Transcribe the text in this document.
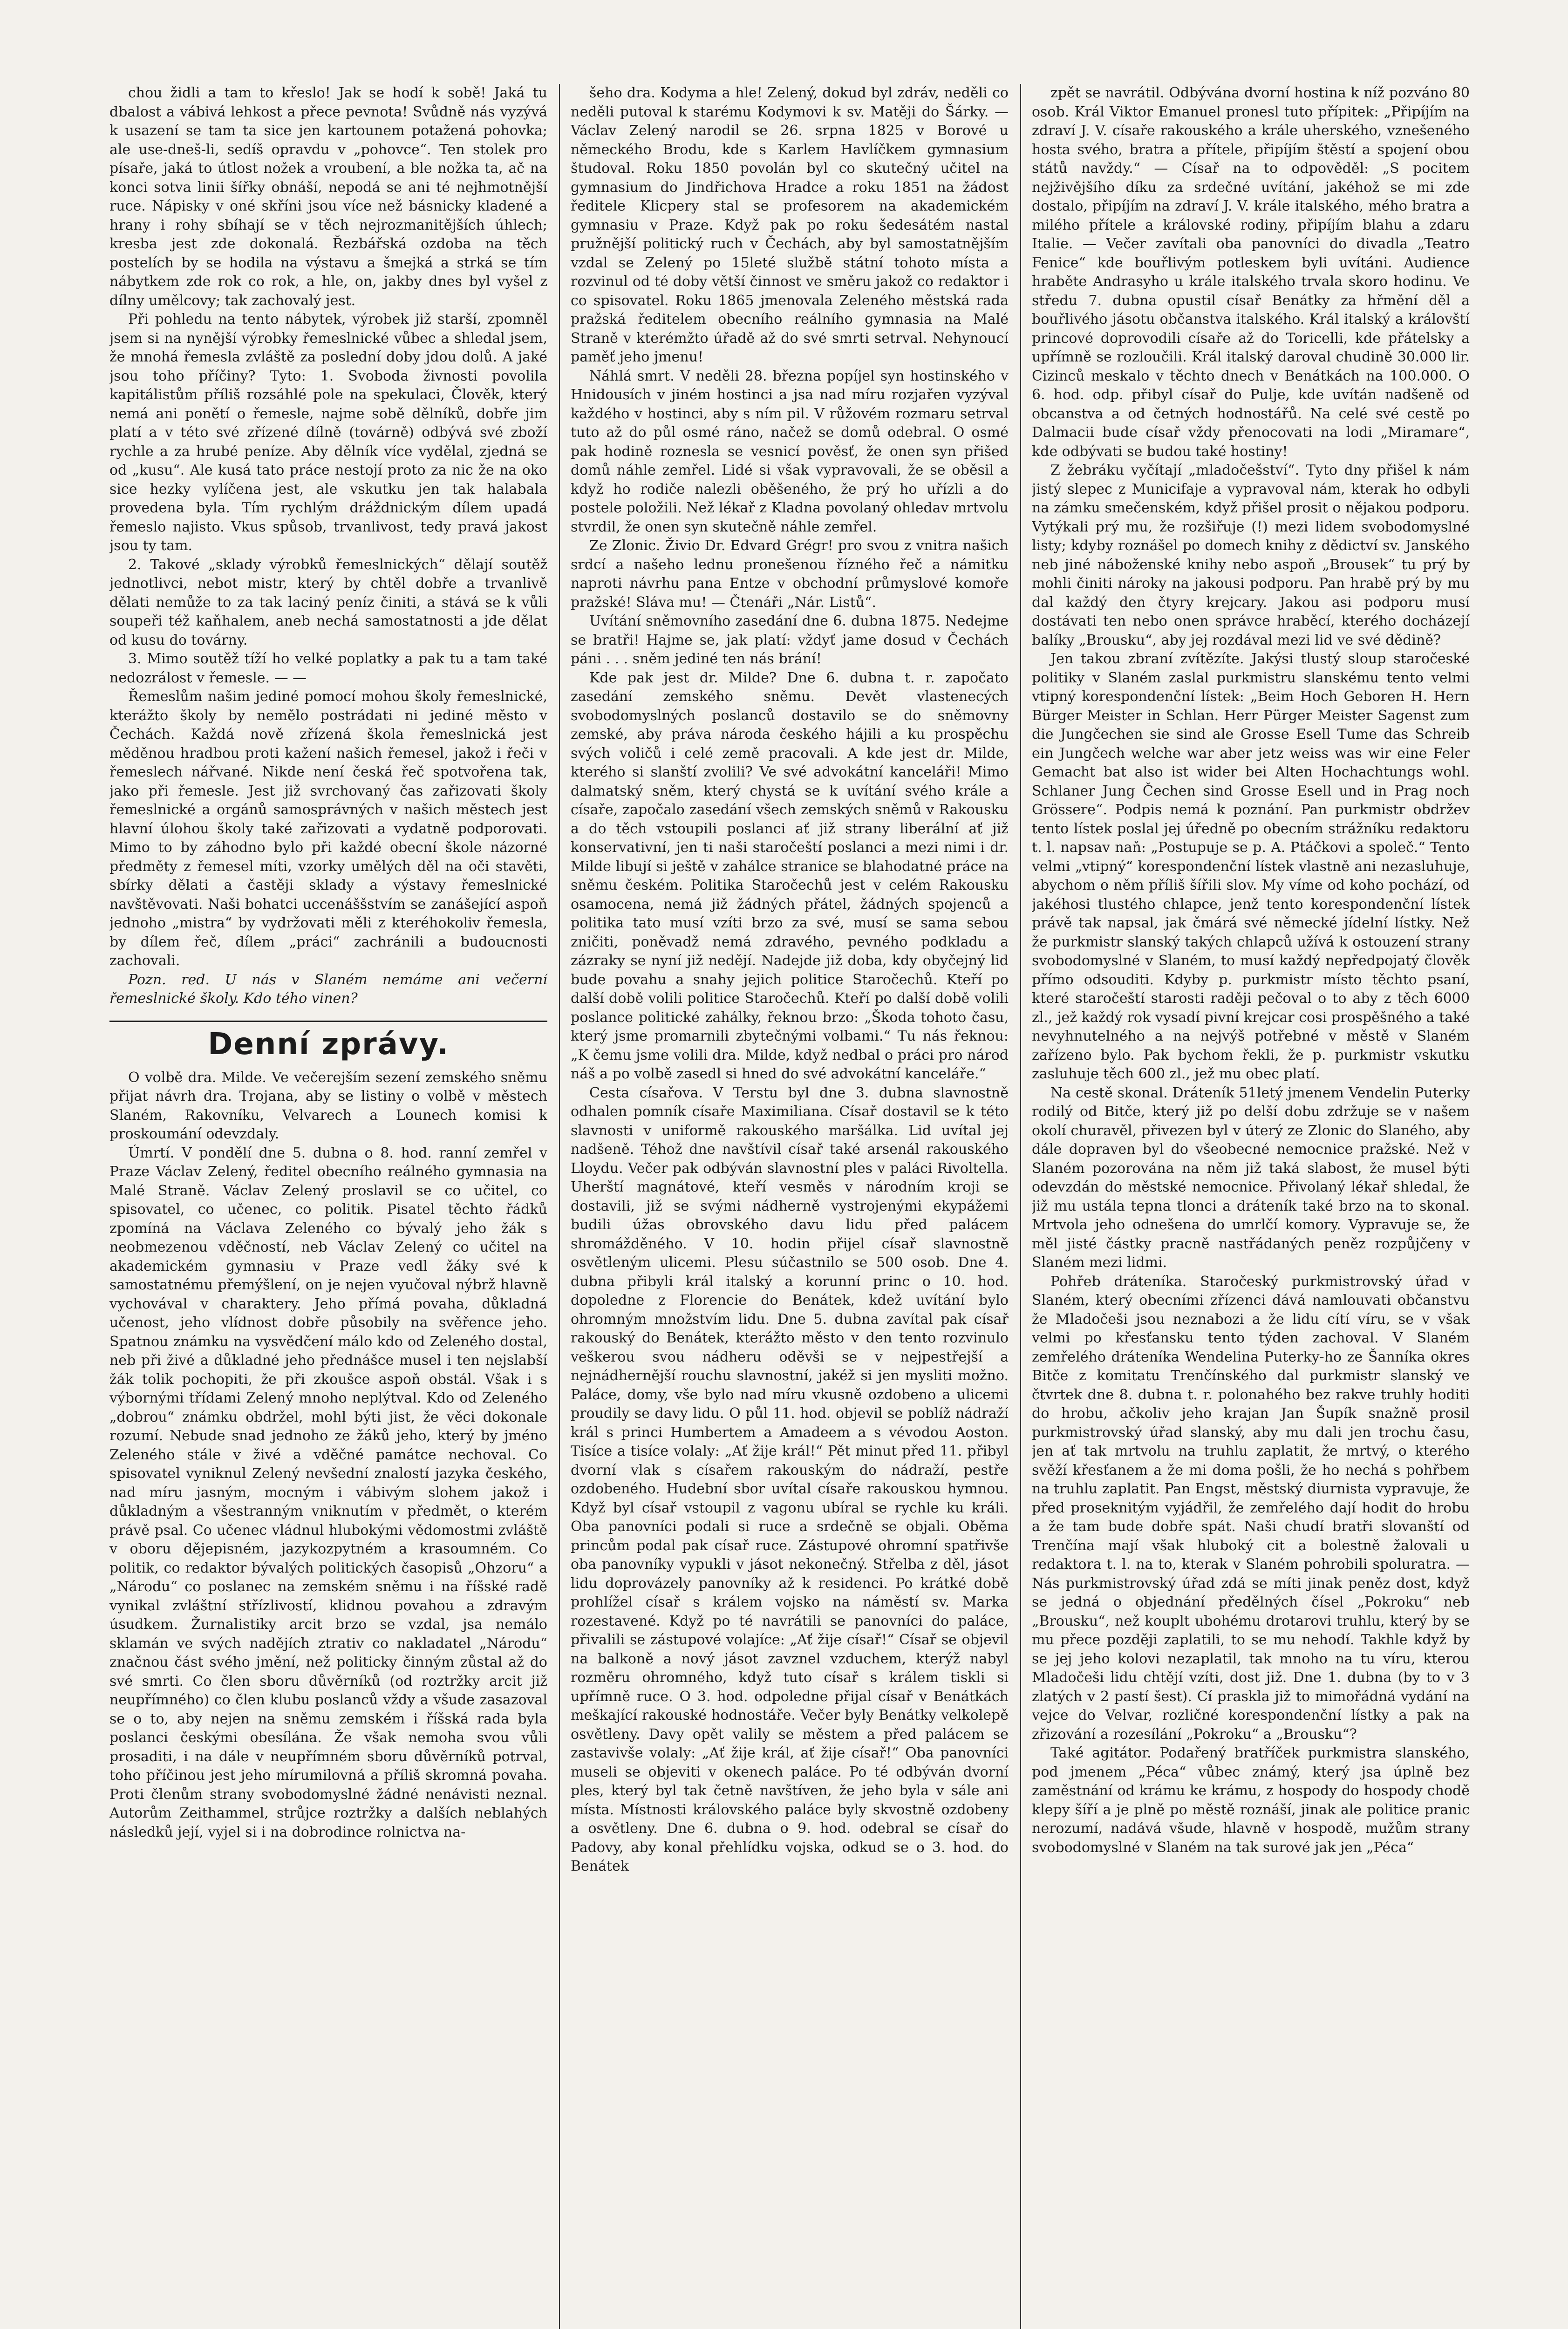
chou židli a tam to křeslo! Jak se hodí k sobě! Jaká tu dbalost a vábivá lehkost a přece pevnota! Svůdně nás vyzývá k usazení se tam ta sice jen kartounem potažená pohovka; ale use-dneš-li, sedíš opravdu v „pohovce“. Ten stolek pro písaře, jaká to útlost nožek a vroubení, a ble nožka ta, ač na konci sotva linii šířky obnáší, nepodá se ani té nejhmotnější ruce. Nápisky v oné skříni jsou více než básnicky kladené a hrany i rohy sbíhají se v těch nejrozmanitějších úhlech; kresba jest zde dokonalá. Řezbářská ozdoba na těch postelích by se hodila na výstavu a šmejká a strká se tím nábytkem zde rok co rok, a hle, on, jakby dnes byl vyšel z dílny umělcovy; tak zachovalý jest.

Při pohledu na tento nábytek, výrobek již starší, zpomněl jsem si na nynější výrobky řemeslnické vůbec a shledal jsem, že mnohá řemesla zvláště za poslední doby jdou dolů. A jaké jsou toho příčiny? Tyto: 1. Svoboda živnosti povolila kapitálistům příliš rozsáhlé pole na spekulaci, Člověk, který nemá ani ponětí o řemesle, najme sobě dělníků, dobře jim platí a v této své zřízené dílně (továrně) odbývá své zboží rychle a za hrubé peníze. Aby dělník více vydělal, zjedná se od „kusu“. Ale kusá tato práce nestojí proto za nic že na oko sice hezky vylíčena jest, ale vskutku jen tak halabala provedena byla. Tím rychlým dráždnickým dílem upadá řemeslo najisto. Vkus spůsob, trvanlivost, tedy pravá jakost jsou ty tam.

2. Takové „sklady výrobků řemeslnických“ dělají soutěž jednotlivci, nebot mistr, který by chtěl dobře a trvanlivě dělati nemůže to za tak laciný peníz činiti, a stává se k vůli soupeři též kaňhalem, aneb nechá samostatnosti a jde dělat od kusu do továrny.

3. Mimo soutěž tíží ho velké poplatky a pak tu a tam také nedozrálost v řemesle. — —

Řemeslům našim jediné pomocí mohou školy řemeslnické, kterážto školy by nemělo postrádati ni jediné město v Čechách. Každá nově zřízená škola řemeslnická jest měděnou hradbou proti kažení našich řemesel, jakož i řeči v řemeslech nářvané. Nikde není česká řeč spotvořena tak, jako při řemesle. Jest již svrchovaný čas zařizovati školy řemeslnické a orgánů samosprávných v našich městech jest hlavní úlohou školy také zařizovati a vydatně podporovati. Mimo to by záhodno bylo při každé obecní škole názorné předměty z řemesel míti, vzorky umělých děl na oči stavěti, sbírky dělati a častěji sklady a výstavy řemeslnické navštěvovati. Naši bohatci uccenáššstvím se zanášející aspoň jednoho „mistra“ by vydržovati měli z kteréhokoliv řemesla, by dílem řeč, dílem „práci“ zachránili a budoucnosti zachovali.

Pozn. red. U nás v Slaném nemáme ani večerní řemeslnické školy. Kdo tého vinen?

Denní zprávy.

O volbě dra. Milde. Ve večerejším sezení zemského sněmu přijat návrh dra. Trojana, aby se listiny o volbě v městech Slaném, Rakovníku, Velvarech a Lounech komisi k proskoumání odevzdaly.

Úmrtí. V pondělí dne 5. dubna o 8. hod. ranní zemřel v Praze Václav Zelený, ředitel obecního reálného gymnasia na Malé Straně. Václav Zelený proslavil se co učitel, co spisovatel, co učenec, co politik. Pisatel těchto řádků zpomíná na Václava Zeleného co bývalý jeho žák s neobmezenou vděčností, neb Václav Zelený co učitel na akademickém gymnasiu v Praze vedl žáky své k samostatnému přemýšlení, on je nejen vyučoval nýbrž hlavně vychovával v charaktery. Jeho přímá povaha, důkladná učenost, jeho vlídnost dobře působily na svěřence jeho. Spatnou známku na vysvědčení málo kdo od Zeleného dostal, neb při živé a důkladné jeho přednášce musel i ten nejslabší žák tolik pochopiti, že při zkoušce aspoň obstál. Však i s výbornými třídami Zelený mnoho neplýtval. Kdo od Zeleného „dobrou“ známku obdržel, mohl býti jist, že věci dokonale rozumí. Nebude snad jednoho ze žáků jeho, který by jméno Zeleného stále v živé a vděčné památce nechoval. Co spisovatel vyniknul Zelený nevšední znalostí jazyka českého, nad míru jasným, mocným i vábivým slohem jakož i důkladným a všestranným vniknutím v předmět, o kterém právě psal. Co učenec vládnul hlubokými vědomostmi zvláště v oboru dějepisném, jazykozpytném a krasoumném. Co politik, co redaktor bývalých politických časopisů „Ohzoru“ a „Národu“ co poslanec na zemském sněmu i na říšské radě vynikal zvláštní střízlivostí, klidnou povahou a zdravým úsudkem. Žurnalistiky arcit brzo se vzdal, jsa nemálo sklamán ve svých nadějích ztrativ co nakladatel „Národu“ značnou část svého jmění, než politicky činným zůstal až do své smrti. Co člen sboru důvěrníků (od roztržky arcit již neupřímného) co člen klubu poslanců vždy a všude zasazoval se o to, aby nejen na sněmu zemském i říšská rada byla poslanci českými obesílána. Že však nemoha svou vůli prosaditi, i na dále v neupřímném sboru důvěrníků potrval, toho příčinou jest jeho mírumilovná a příliš skromná povaha. Proti členům strany svobodomyslné žádné nenávisti neznal. Autorům Zeithammel, strůjce roztržky a dalších neblahých následků její, vyjel si i na dobrodince rolnictva na-

šeho dra. Kodyma a hle! Zelený, dokud byl zdráv, neděli co neděli putoval k starému Kodymovi k sv. Matěji do Šárky. — Václav Zelený narodil se 26. srpna 1825 v Borové u německého Brodu, kde s Karlem Havlíčkem gymnasium študoval. Roku 1850 povolán byl co skutečný učitel na gymnasium do Jindřichova Hradce a roku 1851 na žádost ředitele Klicpery stal se profesorem na akademickém gymnasiu v Praze. Když pak po roku šedesátém nastal pružnější politický ruch v Čechách, aby byl samostatnějším vzdal se Zelený po 15leté službě státní tohoto místa a rozvinul od té doby větší činnost ve směru jakož co redaktor i co spisovatel. Roku 1865 jmenovala Zeleného městská rada pražská ředitelem obecního reálního gymnasia na Malé Straně v kterémžto úřadě až do své smrti setrval. Nehynoucí paměť jeho jmenu!

Náhlá smrt. V neděli 28. března popíjel syn hostinského v Hnidousích v jiném hostinci a jsa nad míru rozjařen vyzýval každého v hostinci, aby s ním pil. V růžovém rozmaru setrval tuto až do půl osmé ráno, načež se domů odebral. O osmé pak hodině roznesla se vesnicí pověsť, že onen syn přišed domů náhle zemřel. Lidé si však vypravovali, že se oběsil a když ho rodiče nalezli oběšeného, že prý ho uřízli a do postele položili. Než lékař z Kladna povolaný ohledav mrtvolu stvrdil, že onen syn skutečně náhle zemřel.

Ze Zlonic. Živio Dr. Edvard Grégr! pro svou z vnitra našich srdcí a našeho lednu pronešenou řízného řeč a námitku naproti návrhu pana Entze v obchodní průmyslové komoře pražské! Sláva mu! — Čtenáři „Nár. Listů“.

Uvítání sněmovního zasedání dne 6. dubna 1875. Nedejme se bratři! Hajme se, jak platí: vždyť jame dosud v Čechách páni . . . sněm jediné ten nás brání!

Kde pak jest dr. Milde? Dne 6. dubna t. r. započato zasedání zemského sněmu. Devět vlastenecých svobodomyslných poslanců dostavilo se do sněmovny zemské, aby práva národa českého hájili a ku prospěchu svých voličů i celé země pracovali. A kde jest dr. Milde, kterého si slanští zvolili? Ve své advokátní kanceláři! Mimo dalmatský sněm, který chystá se k uvítání svého krále a císaře, započalo zasedání všech zemských sněmů v Rakousku a do těch vstoupili poslanci ať již strany liberální ať již konservativní, jen ti naši staročeští poslanci a mezi nimi i dr. Milde libují si ještě v zahálce stranice se blahodatné práce na sněmu českém. Politika Staročechů jest v celém Rakousku osamocena, nemá již žádných přátel, žádných spojenců a politika tato musí vzíti brzo za své, musí se sama sebou zničiti, poněvadž nemá zdravého, pevného podkladu a zázraky se nyní již nedějí. Nadejde již doba, kdy obyčejný lid bude povahu a snahy jejich politice Staročechů. Kteří po další době volili politice Staročechů. Kteří po další době volili poslance politické zahálky, řeknou brzo: „Škoda tohoto času, který jsme promarnili zbytečnými volbami.“ Tu nás řeknou: „K čemu jsme volili dra. Milde, když nedbal o práci pro národ náš a po volbě zasedl si hned do své advokátní kanceláře.“

Cesta císařova. V Terstu byl dne 3. dubna slavnostně odhalen pomník císaře Maximiliana. Císař dostavil se k této slavnosti v uniformě rakouského maršálka. Lid uvítal jej nadšeně. Téhož dne navštívil císař také arsenál rakouského Lloydu. Večer pak odbýván slavnostní ples v paláci Rivoltella. Uherští magnátové, kteří vesměs v národním kroji se dostavili, již se svými nádherně vystrojenými ekypážemi budili úžas obrovského davu lidu před palácem shromážděného. V 10. hodin přijel císař slavnostně osvětleným ulicemi. Plesu súčastnilo se 500 osob. Dne 4. dubna přibyli král italský a korunní princ o 10. hod. dopoledne z Florencie do Benátek, kdež uvítání bylo ohromným množstvím lidu. Dne 5. dubna zavítal pak císař rakouský do Benátek, kterážto město v den tento rozvinulo veškerou svou nádheru oděvši se v nejpestřejší a nejnádhernější rouchu slavnostní, jakéž si jen mysliti možno. Paláce, domy, vše bylo nad míru vkusně ozdobeno a ulicemi proudily se davy lidu. O půl 11. hod. objevil se poblíž nádraží král s princi Humbertem a Amadeem a s vévodou Aoston. Tisíce a tisíce volaly: „Ať žije král!“ Pět minut před 11. přibyl dvorní vlak s císařem rakouským do nádraží, pestře ozdobeného. Hudební sbor uvítal císaře rakouskou hymnou. Když byl císař vstoupil z vagonu ubíral se rychle ku králi. Oba panovníci podali si ruce a srdečně se objali. Oběma princům podal pak císař ruce. Zástupové ohromní spatřivše oba panovníky vypukli v jásot nekonečný. Střelba z děl, jásot lidu doprovázely panovníky až k residenci. Po krátké době prohlížel císař s králem vojsko na náměstí sv. Marka rozestavené. Když po té navrátili se panovníci do paláce, přivalili se zástupové volajíce: „Ať žije císař!“ Císař se objevil na balkoně a nový jásot zavznel vzduchem, kterýž nabyl rozměru ohromného, když tuto císař s králem tiskli si upřímně ruce. O 3. hod. odpoledne přijal císař v Benátkách meškající rakouské hodnostáře. Večer byly Benátky velkolepě osvětleny. Davy opět valily se městem a před palácem se zastavivše volaly: „Ať žije král, ať žije císař!“ Oba panovníci museli se objeviti v okenech paláce. Po té odbýván dvorní ples, který byl tak četně navštíven, že jeho byla v sále ani místa. Místnosti královského paláce byly skvostně ozdobeny a osvětleny. Dne 6. dubna o 9. hod. odebral se císař do Padovy, aby konal přehlídku vojska, odkud se o 3. hod. do Benátek

zpět se navrátil. Odbývána dvorní hostina k níž pozváno 80 osob. Král Viktor Emanuel pronesl tuto přípitek: „Připíjím na zdraví J. V. císaře rakouského a krále uherského, vznešeného hosta svého, bratra a přítele, připíjím štěstí a spojení obou států navždy.“ — Císař na to odpověděl: „S pocitem nejživějšího díku za srdečné uvítání, jakéhož se mi zde dostalo, připíjím na zdraví J. V. krále italského, mého bratra a milého přítele a královské rodiny, připíjím blahu a zdaru Italie. — Večer zavítali oba panovníci do divadla „Teatro Fenice“ kde bouřlivým potleskem byli uvítáni. Audience hraběte Andrasyho u krále italského trvala skoro hodinu. Ve středu 7. dubna opustil císař Benátky za hřmění děl a bouřlivého jásotu občanstva italského. Král italský a královští princové doprovodili císaře až do Toricelli, kde přátelsky a upřímně se rozloučili. Král italský daroval chudině 30.000 lir. Cizinců meskalo v těchto dnech v Benátkách na 100.000. O 6. hod. odp. přibyl císař do Pulje, kde uvítán nadšeně od obcanstva a od četných hodnostářů. Na celé své cestě po Dalmacii bude císař vždy přenocovati na lodi „Miramare“, kde odbývati se budou také hostiny!

Z žebráku vyčítají „mladočešství“. Tyto dny přišel k nám jistý slepec z Municifaje a vypravoval nám, kterak ho odbyli na zámku smečenském, když přišel prosit o nějakou podporu. Vytýkali prý mu, že rozšiřuje (!) mezi lidem svobodomyslné listy; kdyby roznášel po domech knihy z dědictví sv. Janského neb jiné náboženské knihy nebo aspoň „Brousek“ tu prý by mohli činiti nároky na jakousi podporu. Pan hrabě prý by mu dal každý den čtyry krejcary. Jakou asi podporu musí dostávati ten nebo onen správce hraběcí, kterého docházejí balíky „Brousku“, aby jej rozdával mezi lid ve své dědině?

Jen takou zbraní zvítězíte. Jakýsi tlustý sloup staročeské politiky v Slaném zaslal purkmistru slanskému tento velmi vtipný korespondenční lístek: „Beim Hoch Geboren H. Hern Bürger Meister in Schlan. Herr Pürger Meister Sagenst zum die Jungčechen sie sind ale Grosse Esell Tume das Schreib ein Jungčech welche war aber jetz weiss was wir eine Feler Gemacht bat also ist wider bei Alten Hochachtungs wohl. Schlaner Jung Čechen sind Grosse Esell und in Prag noch Grössere“. Podpis nemá k poznání. Pan purkmistr obdržev tento lístek poslal jej úředně po obecním strážníku redaktoru t. l. napsav naň: „Postupuje se p. A. Ptáčkovi a společ.“ Tento velmi „vtipný“ korespondenční lístek vlastně ani nezasluhuje, abychom o něm příliš šířili slov. My víme od koho pochází, od jakéhosi tlustého chlapce, jenž tento korespondenční lístek právě tak napsal, jak čmárá své německé jídelní lístky. Než že purkmistr slanský takých chlapců užívá k ostouzení strany svobodomyslné v Slaném, to musí každý nepředpojatý člověk přímo odsouditi. Kdyby p. purkmistr místo těchto psaní, které staročeští starosti raději pečoval o to aby z těch 6000 zl., jež každý rok vysadí pivní krejcar cosi prospěšného a také nevyhnutelného a na nejvýš potřebné v městě v Slaném zařízeno bylo. Pak bychom řekli, že p. purkmistr vskutku zasluhuje těch 600 zl., jež mu obec platí.

Na cestě skonal. Dráteník 51letý jmenem Vendelin Puterky rodilý od Bitče, který již po delší dobu zdržuje se v našem okolí churavěl, přivezen byl v úterý ze Zlonic do Slaného, aby dále dopraven byl do všeobecné nemocnice pražské. Než v Slaném pozorována na něm již taká slabost, že musel býti odevzdán do městské nemocnice. Přivolaný lékař shledal, že již mu ustála tepna tlonci a dráteník také brzo na to skonal. Mrtvola jeho odnešena do umrlčí komory. Vypravuje se, že měl jisté částky pracně nastřádaných peněz rozpůjčeny v Slaném mezi lidmi.

Pohřeb dráteníka. Staročeský purkmistrovský úřad v Slaném, který obecními zřízenci dává namlouvati občanstvu že Mladočeši jsou neznabozi a že lidu cítí víru, se v však velmi po křesťansku tento týden zachoval. V Slaném zemřelého dráteníka Wendelina Puterky-ho ze Šanníka okres Bitče z komitatu Trenčínského dal purkmistr slanský ve čtvrtek dne 8. dubna t. r. polonahého bez rakve truhly hoditi do hrobu, ačkoliv jeho krajan Jan Šupík snažně prosil purkmistrovský úřad slanský, aby mu dali jen trochu času, jen ať tak mrtvolu na truhlu zaplatit, že mrtvý, o kterého svěží křesťanem a že mi doma pošli, že ho nechá s pohřbem na truhlu zaplatit. Pan Engst, městský diurnista vypravuje, že před proseknitým vyjádřil, že zemřelého dají hodit do hrobu a že tam bude dobře spát. Naši chudí bratři slovanští od Trenčína mají však hluboký cit a bolestně žalovali u redaktora t. l. na to, kterak v Slaném pohrobili spoluratra. — Nás purkmistrovský úřad zdá se míti jinak peněz dost, když se jedná o objednání předělných čísel „Pokroku“ neb „Brousku“, než kouplt ubohému drotarovi truhlu, který by se mu přece později zaplatili, to se mu nehodí. Takhle když by se jej jeho kolovi nezaplatil, tak mnoho na tu víru, kterou Mladočeši lidu chtějí vzíti, dost již. Dne 1. dubna (by to v 3 zlatých v 2 pastí šest). Cí praskla již to mimořádná vydání na vejce do Velvar, rozličné korespondenční lístky a pak na zřizování a rozesílání „Pokroku“ a „Brousku“?

Také agitátor. Podařený bratříček purkmistra slanského, pod jmenem „Péca“ vůbec známý, který jsa úplně bez zaměstnání od krámu ke krámu, z hospody do hospody chodě klepy šíří a je plně po městě roznáší, jinak ale politice pranic nerozumí, nadává všude, hlavně v hospodě, mužům strany svobodomyslné v Slaném na tak surové jak jen „Péca“
